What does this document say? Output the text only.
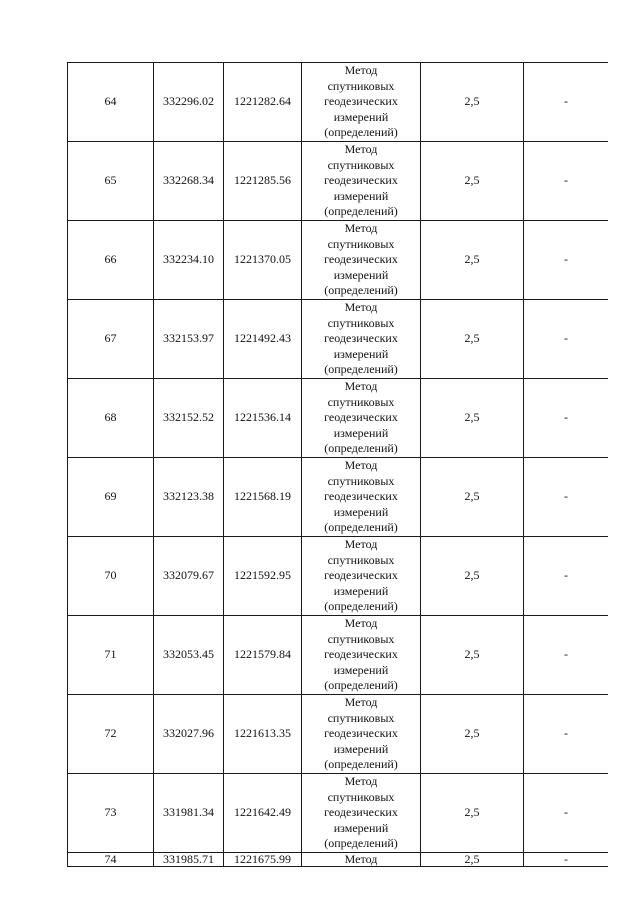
64	332296.02	1221282.64	Метод
спутниковых
геодезических
измерений
(определений)	2,5	-
65	332268.34	1221285.56	Метод
спутниковых
геодезических
измерений
(определений)	2,5	-
66	332234.10	1221370.05	Метод
спутниковых
геодезических
измерений
(определений)	2,5	-
67	332153.97	1221492.43	Метод
спутниковых
геодезических
измерений
(определений)	2,5	-
68	332152.52	1221536.14	Метод
спутниковых
геодезических
измерений
(определений)	2,5	-
69	332123.38	1221568.19	Метод
спутниковых
геодезических
измерений
(определений)	2,5	-
70	332079.67	1221592.95	Метод
спутниковых
геодезических
измерений
(определений)	2,5	-
71	332053.45	1221579.84	Метод
спутниковых
геодезических
измерений
(определений)	2,5	-
72	332027.96	1221613.35	Метод
спутниковых
геодезических
измерений
(определений)	2,5	-
73	331981.34	1221642.49	Метод
спутниковых
геодезических
измерений
(определений)	2,5	-
74	331985.71	1221675.99	Метод	2,5	-
